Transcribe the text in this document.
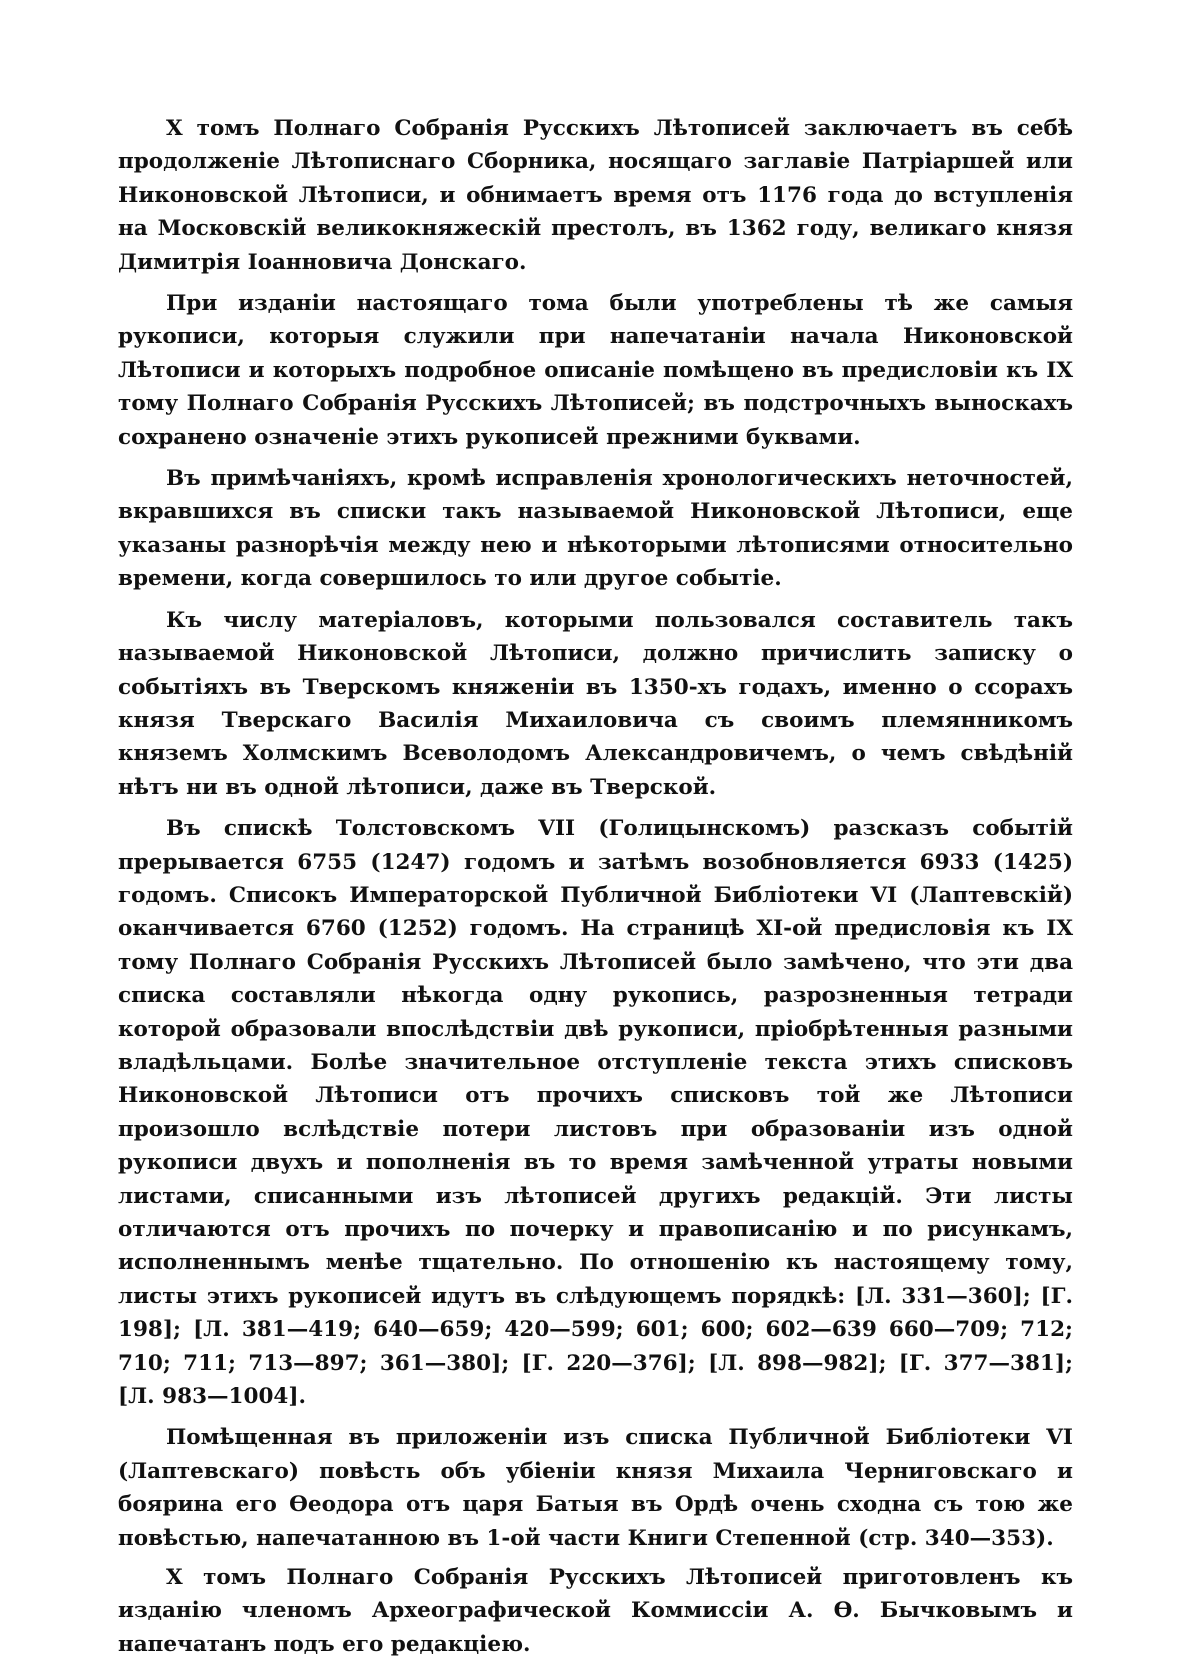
X томъ Полнаго Собранія Русскихъ Лѣтописей заключаетъ въ себѣ продолженіе Лѣтописнаго Сборника, носящаго заглавіе Патріаршей или Никоновской Лѣтописи, и обнимаетъ время отъ 1176 года до вступленія на Московскій великокняжескій престолъ, въ 1362 году, великаго князя Димитрія Іоанновича Донскаго.

При изданіи настоящаго тома были употреблены тѣ же самыя рукописи, которыя служили при напечатаніи начала Никоновской Лѣтописи и которыхъ подробное описаніе помѣщено въ предисловіи къ IX тому Полнаго Собранія Русскихъ Лѣтописей; въ подстрочныхъ выноскахъ сохранено означеніе этихъ рукописей прежними буквами.

Въ примѣчаніяхъ, кромѣ исправленія хронологическихъ неточностей, вкравшихся въ списки такъ называемой Никоновской Лѣтописи, еще указаны разнорѣчія между нею и нѣкоторыми лѣтописями относительно времени, когда совершилось то или другое событіе.

Къ числу матеріаловъ, которыми пользовался составитель такъ называемой Никоновской Лѣтописи, должно причислить записку о событіяхъ въ Тверскомъ княженіи въ 1350-хъ годахъ, именно о ссорахъ князя Тверскаго Василія Михаиловича съ своимъ племянникомъ княземъ Холмскимъ Всеволодомъ Александровичемъ, о чемъ свѣдѣній нѣтъ ни въ одной лѣтописи, даже въ Тверской.

Въ спискѣ Толстовскомъ VII (Голицынскомъ) разсказъ событій прерывается 6755 (1247) годомъ и затѣмъ возобновляется 6933 (1425) годомъ. Списокъ Императорской Публичной Библіотеки VI (Лаптевскій) оканчивается 6760 (1252) годомъ. На страницѣ XI-ой предисловія къ IX тому Полнаго Собранія Русскихъ Лѣтописей было замѣчено, что эти два списка составляли нѣкогда одну рукопись, разрозненныя тетради которой образовали впослѣдствіи двѣ рукописи, пріобрѣтенныя разными владѣльцами. Болѣе значительное отступленіе текста этихъ списковъ Никоновской Лѣтописи отъ прочихъ списковъ той же Лѣтописи произошло вслѣдствіе потери листовъ при образованіи изъ одной рукописи двухъ и пополненія въ то время замѣченной утраты новыми листами, списанными изъ лѣтописей другихъ редакцій. Эти листы отличаются отъ прочихъ по почерку и правописанію и по рисункамъ, исполненнымъ менѣе тщательно. По отношенію къ настоящему тому, листы этихъ рукописей идутъ въ слѣдующемъ порядкѣ: [Л. 331—360]; [Г. 198]; [Л. 381—419; 640—659; 420—599; 601; 600; 602—639 660—709; 712; 710; 711; 713—897; 361—380]; [Г. 220—376]; [Л. 898—982]; [Г. 377—381]; [Л. 983—1004].

Помѣщенная въ приложеніи изъ списка Публичной Библіотеки VI (Лаптевскаго) повѣсть объ убіеніи князя Михаила Черниговскаго и боярина его Ѳеодора отъ царя Батыя въ Ордѣ очень сходна съ тою же повѣстью, напечатанною въ 1-ой части Книги Степенной (стр. 340—353).

X томъ Полнаго Собранія Русскихъ Лѣтописей приготовленъ къ изданію членомъ Археографической Коммиссіи А. Ѳ. Бычковымъ и напечатанъ подъ его редакціею.
